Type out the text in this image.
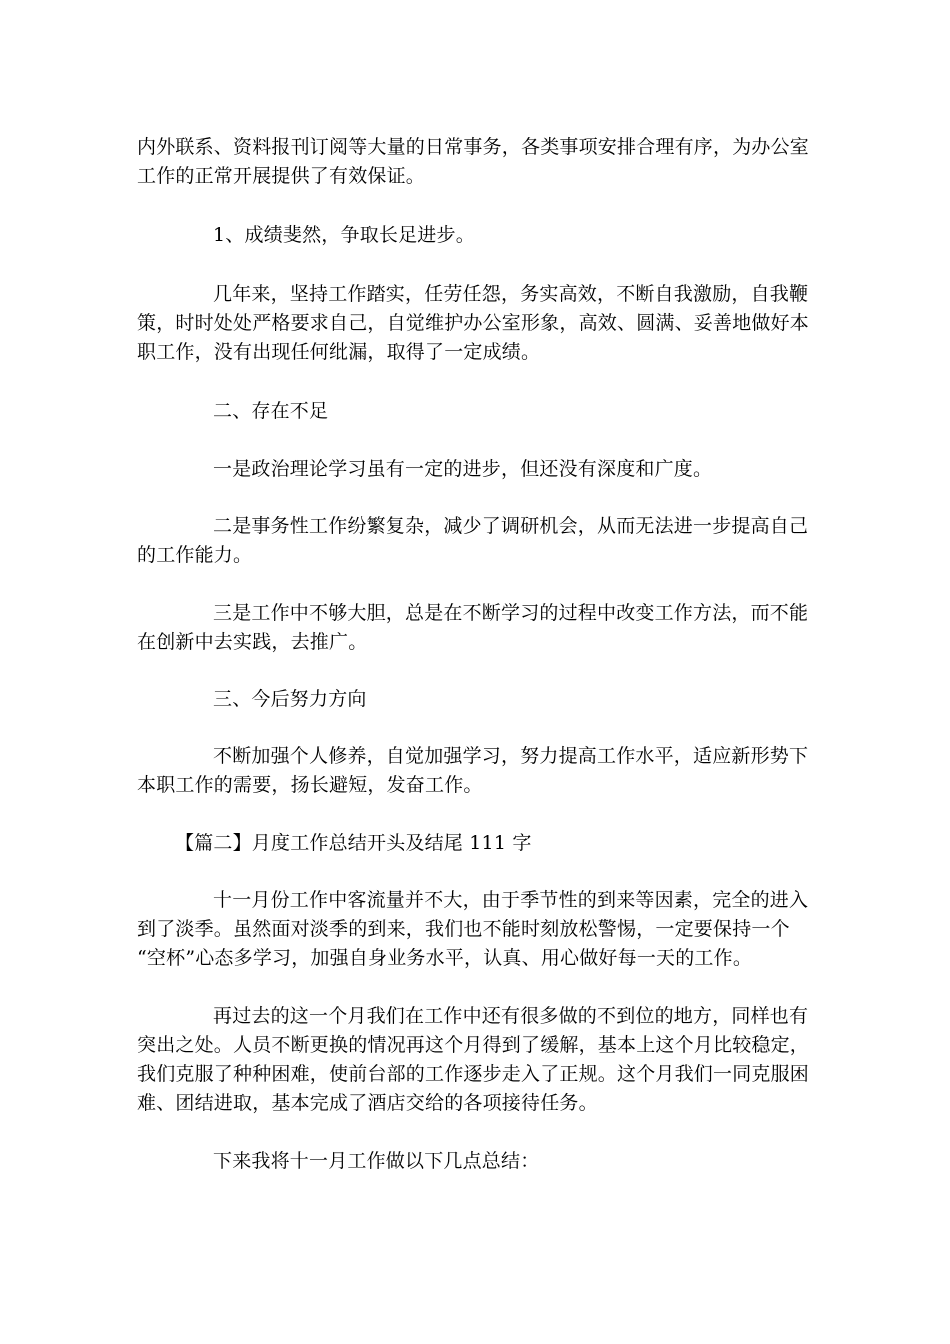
内外联系、资料报刊订阅等大量的日常事务，各类事项安排合理有序，为办公室
工作的正常开展提供了有效保证。
1、成绩斐然，争取长足进步。
几年来，坚持工作踏实，任劳任怨，务实高效，不断自我激励，自我鞭
策，时时处处严格要求自己，自觉维护办公室形象，高效、圆满、妥善地做好本
职工作，没有出现任何纰漏，取得了一定成绩。
二、存在不足
一是政治理论学习虽有一定的进步，但还没有深度和广度。
二是事务性工作纷繁复杂，减少了调研机会，从而无法进一步提高自己
的工作能力。
三是工作中不够大胆，总是在不断学习的过程中改变工作方法，而不能
在创新中去实践，去推广。
三、今后努力方向
不断加强个人修养，自觉加强学习，努力提高工作水平，适应新形势下
本职工作的需要，扬长避短，发奋工作。
【篇二】月度工作总结开头及结尾 111 字
十一月份工作中客流量并不大，由于季节性的到来等因素，完全的进入
到了淡季。虽然面对淡季的到来，我们也不能时刻放松警惕，一定要保持一个
“空杯”心态多学习，加强自身业务水平，认真、用心做好每一天的工作。
再过去的这一个月我们在工作中还有很多做的不到位的地方，同样也有
突出之处。人员不断更换的情况再这个月得到了缓解，基本上这个月比较稳定，
我们克服了种种困难，使前台部的工作逐步走入了正规。这个月我们一同克服困
难、团结进取，基本完成了酒店交给的各项接待任务。
下来我将十一月工作做以下几点总结：
